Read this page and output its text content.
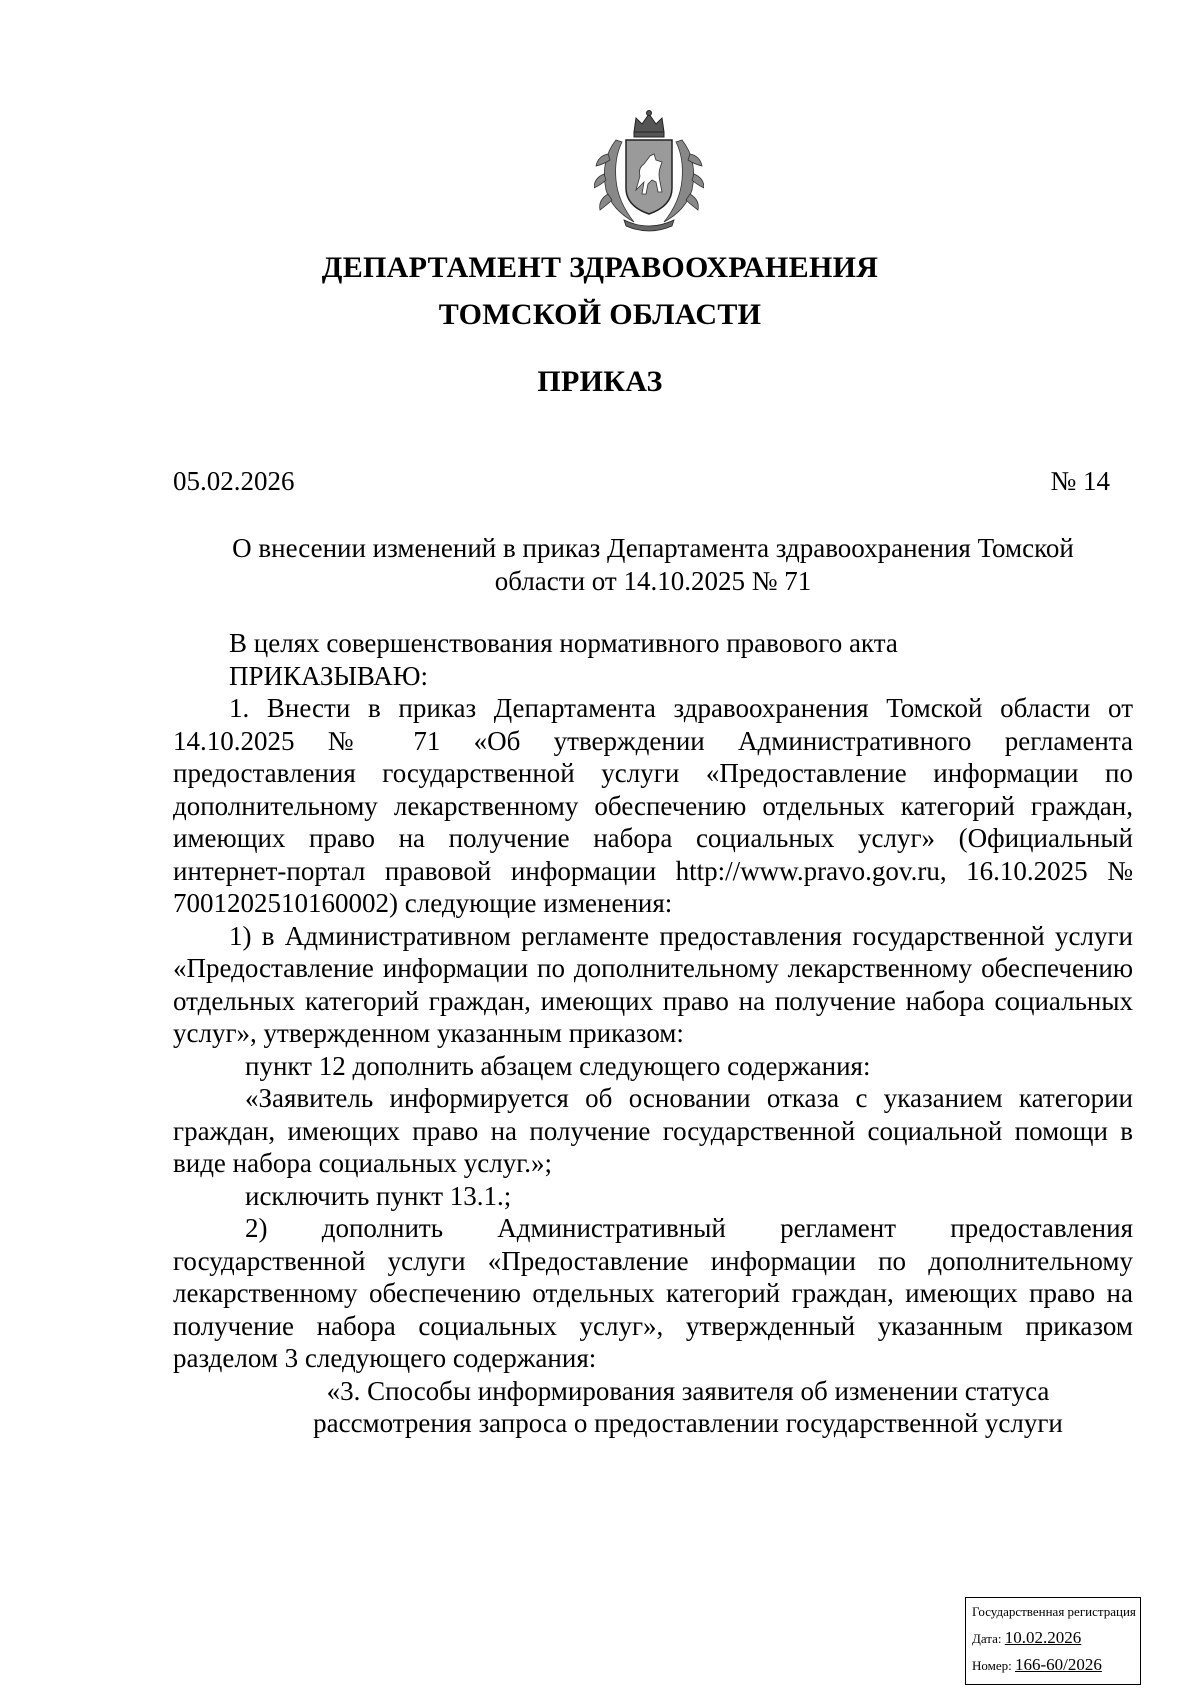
ДЕПАРТАМЕНТ ЗДРАВООХРАНЕНИЯ
ТОМСКОЙ ОБЛАСТИ
ПРИКАЗ
05.02.2026	№ 14
О внесении изменений в приказ Департамента здравоохранения Томской
области от 14.10.2025 № 71

В целях совершенствования нормативного правового акта

ПРИКАЗЫВАЮ:

1. Внести в приказ Департамента здравоохранения Томской области от 14.10.2025 № 71 «Об утверждении Административного регламента предоставления государственной услуги «Предоставление информации по дополнительному лекарственному обеспечению отдельных категорий граждан, имеющих право на получение набора социальных услуг» (Официальный интернет-портал правовой информации http://www.pravo.gov.ru, 16.10.2025 № 7001202510160002) следующие изменения:

1) в Административном регламенте предоставления государственной услуги «Предоставление информации по дополнительному лекарственному обеспечению отдельных категорий граждан, имеющих право на получение набора социальных услуг», утвержденном указанным приказом:

пункт 12 дополнить абзацем следующего содержания:

«Заявитель информируется об основании отказа с указанием категории граждан, имеющих право на получение государственной социальной помощи в виде набора социальных услуг.»;

исключить пункт 13.1.;

2) дополнить Административный регламент предоставления государственной услуги «Предоставление информации по дополнительному лекарственному обеспечению отдельных категорий граждан, имеющих право на получение набора социальных услуг», утвержденный указанным приказом разделом 3 следующего содержания:

«3. Способы информирования заявителя об изменении статуса рассмотрения запроса о предоставлении государственной услуги

Государственная регистрация
Дата: 10.02.2026
Номер: 166-60/2026
